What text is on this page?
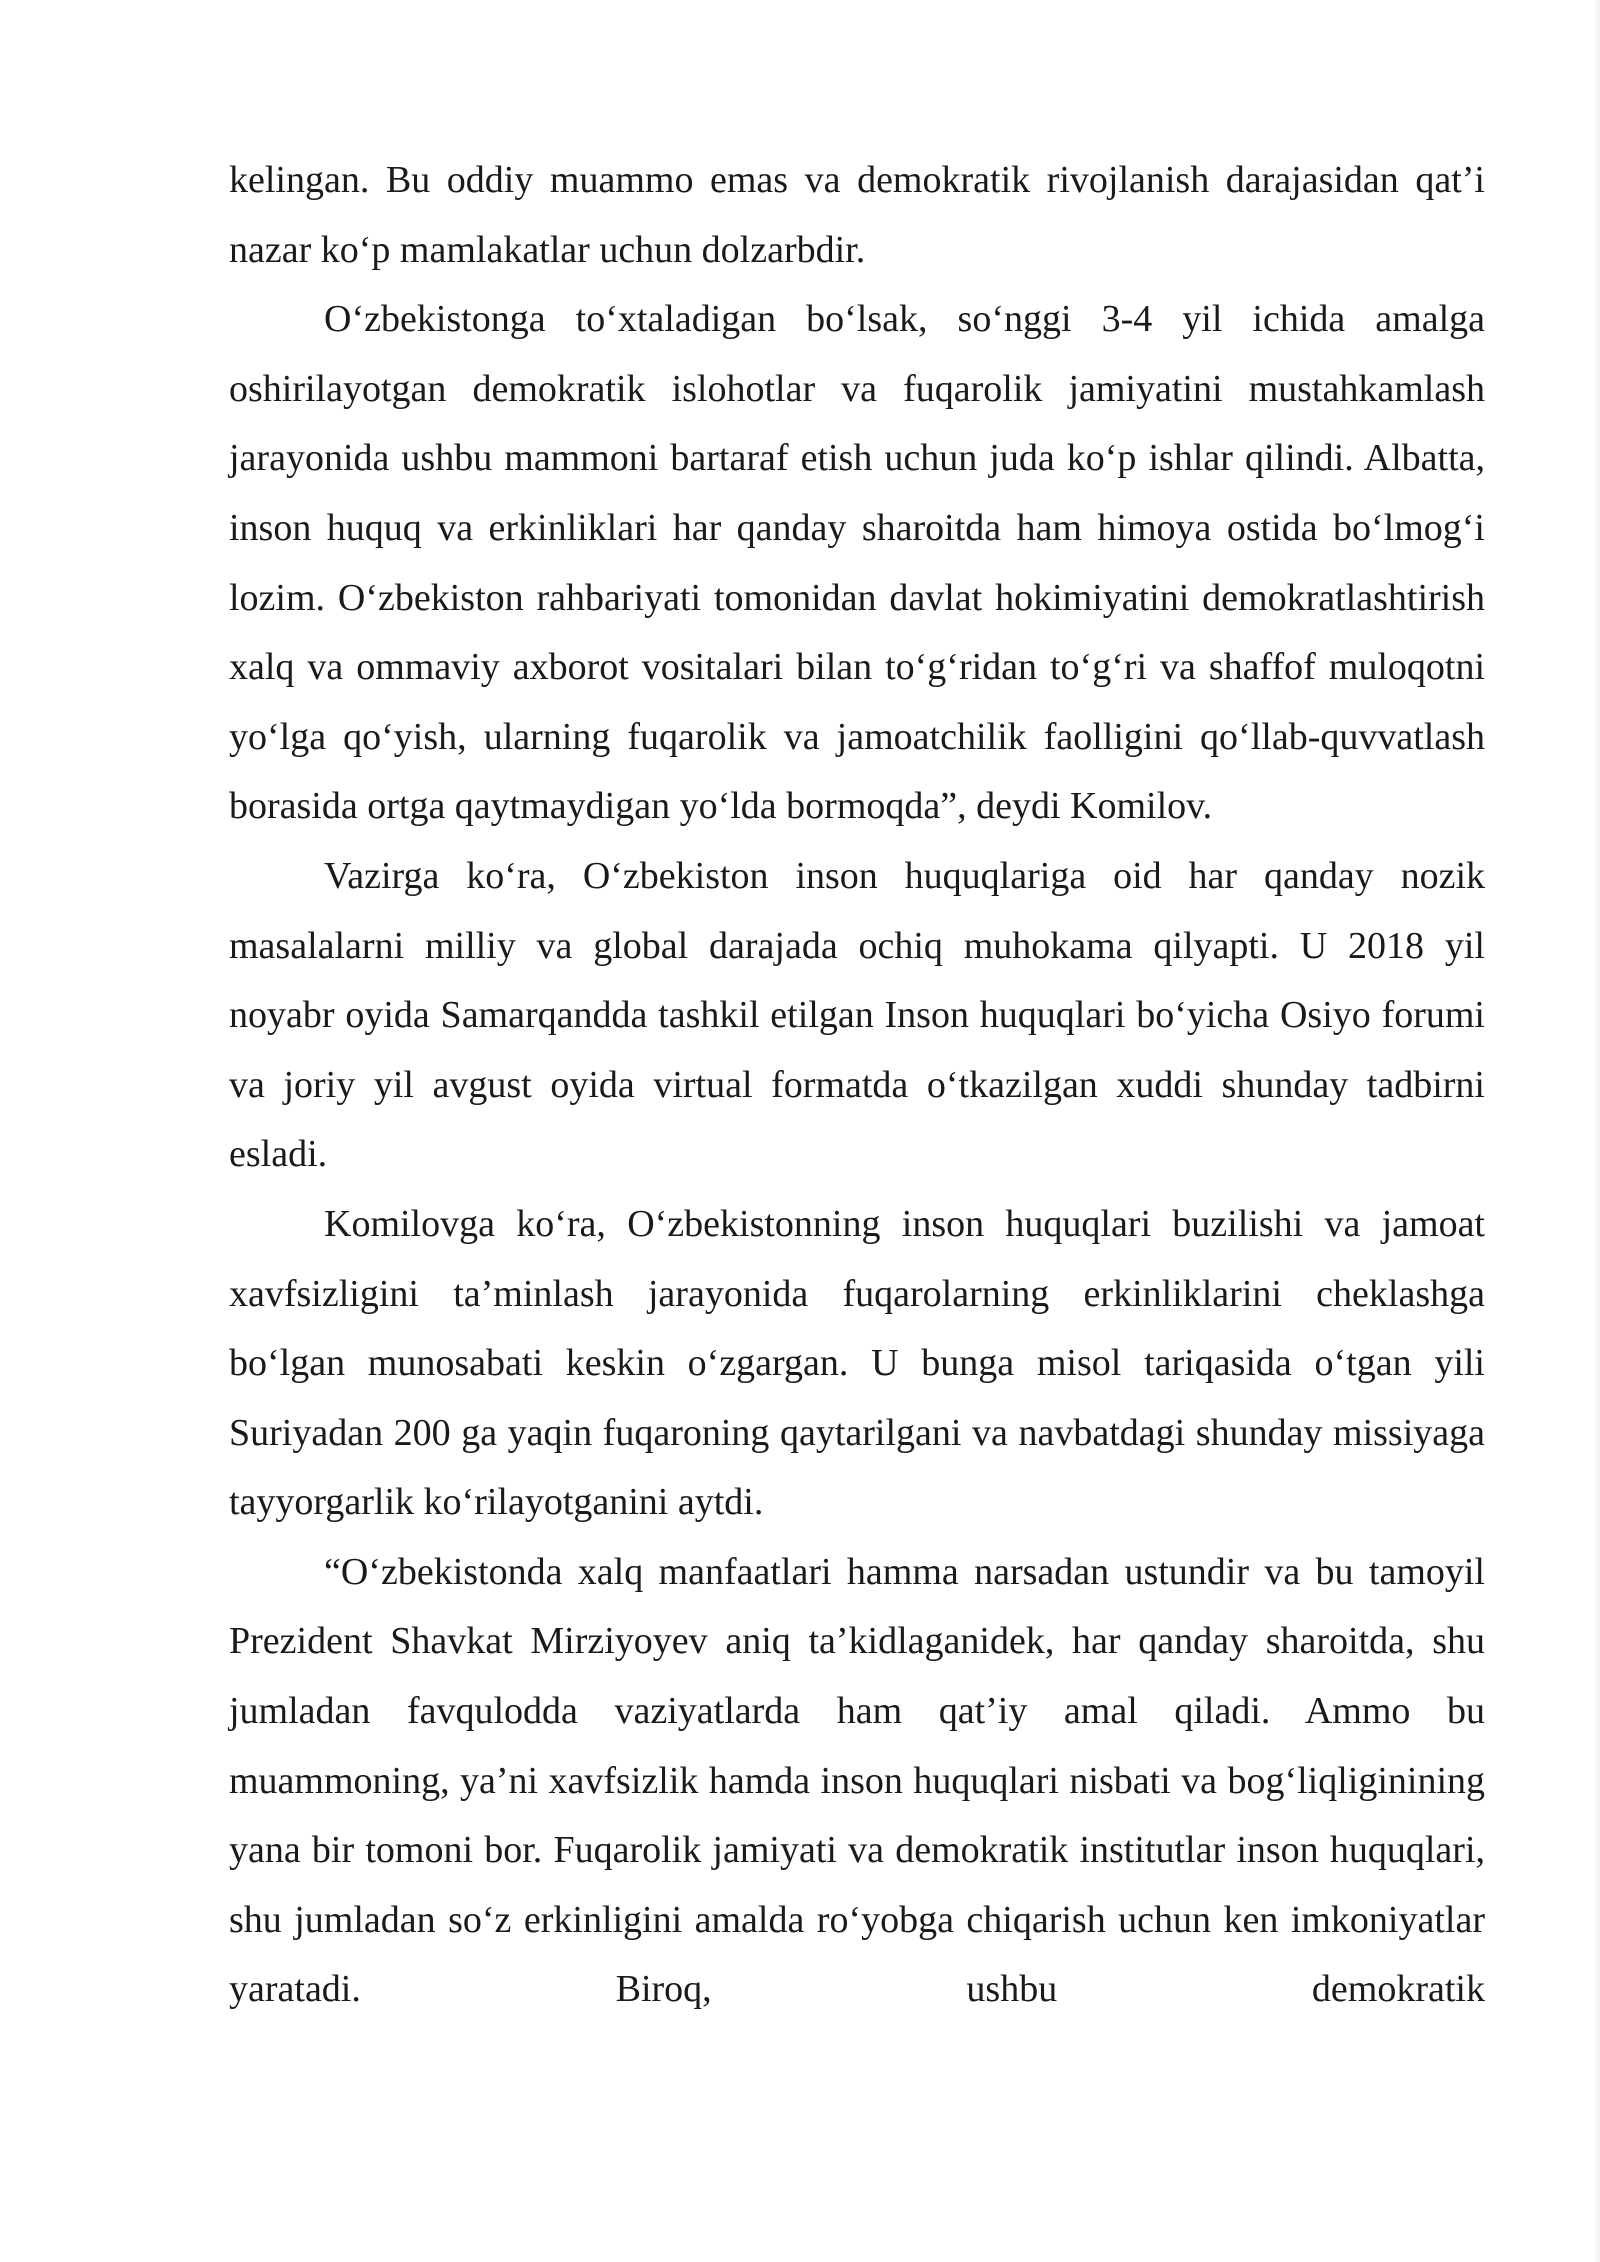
kelingan. Bu oddiy muammo emas va demokratik rivojlanish darajasidan qat’i nazar ko‘p mamlakatlar uchun dolzarbdir.

O‘zbekistonga to‘xtaladigan bo‘lsak, so‘nggi 3-4 yil ichida amalga oshirilayotgan demokratik islohotlar va fuqarolik jamiyatini mustahkamlash jarayonida ushbu mammoni bartaraf etish uchun juda ko‘p ishlar qilindi. Albatta, inson huquq va erkinliklari har qanday sharoitda ham himoya ostida bo‘lmog‘i lozim. O‘zbekiston rahbariyati tomonidan davlat hokimiyatini demokratlashtirish xalq va ommaviy axborot vositalari bilan to‘g‘ridan to‘g‘ri va shaffof muloqotni yo‘lga qo‘yish, ularning fuqarolik va jamoatchilik faolligini qo‘llab-quvvatlash borasida ortga qaytmaydigan yo‘lda bormoqda”, deydi Komilov.

Vazirga ko‘ra, O‘zbekiston inson huquqlariga oid har qanday nozik masalalarni milliy va global darajada ochiq muhokama qilyapti. U 2018 yil noyabr oyida Samarqandda tashkil etilgan Inson huquqlari bo‘yicha Osiyo forumi va joriy yil avgust oyida virtual formatda o‘tkazilgan xuddi shunday tadbirni esladi.

Komilovga ko‘ra, O‘zbekistonning inson huquqlari buzilishi va jamoat xavfsizligini ta’minlash jarayonida fuqarolarning erkinliklarini cheklashga bo‘lgan munosabati keskin o‘zgargan. U bunga misol tariqasida o‘tgan yili Suriyadan 200 ga yaqin fuqaroning qaytarilgani va navbatdagi shunday missiyaga tayyorgarlik ko‘rilayotganini aytdi.

“O‘zbekistonda xalq manfaatlari hamma narsadan ustundir va bu tamoyil Prezident Shavkat Mirziyoyev aniq ta’kidlaganidek, har qanday sharoitda, shu jumladan favqulodda vaziyatlarda ham qat’iy amal qiladi. Ammo bu muammoning, ya’ni xavfsizlik hamda inson huquqlari nisbati va bog‘liqliginining yana bir tomoni bor. Fuqarolik jamiyati va demokratik institutlar inson huquqlari, shu jumladan so‘z erkinligini amalda ro‘yobga chiqarish uchun ken imkoniyatlar yaratadi. Biroq, ushbu demokratik
